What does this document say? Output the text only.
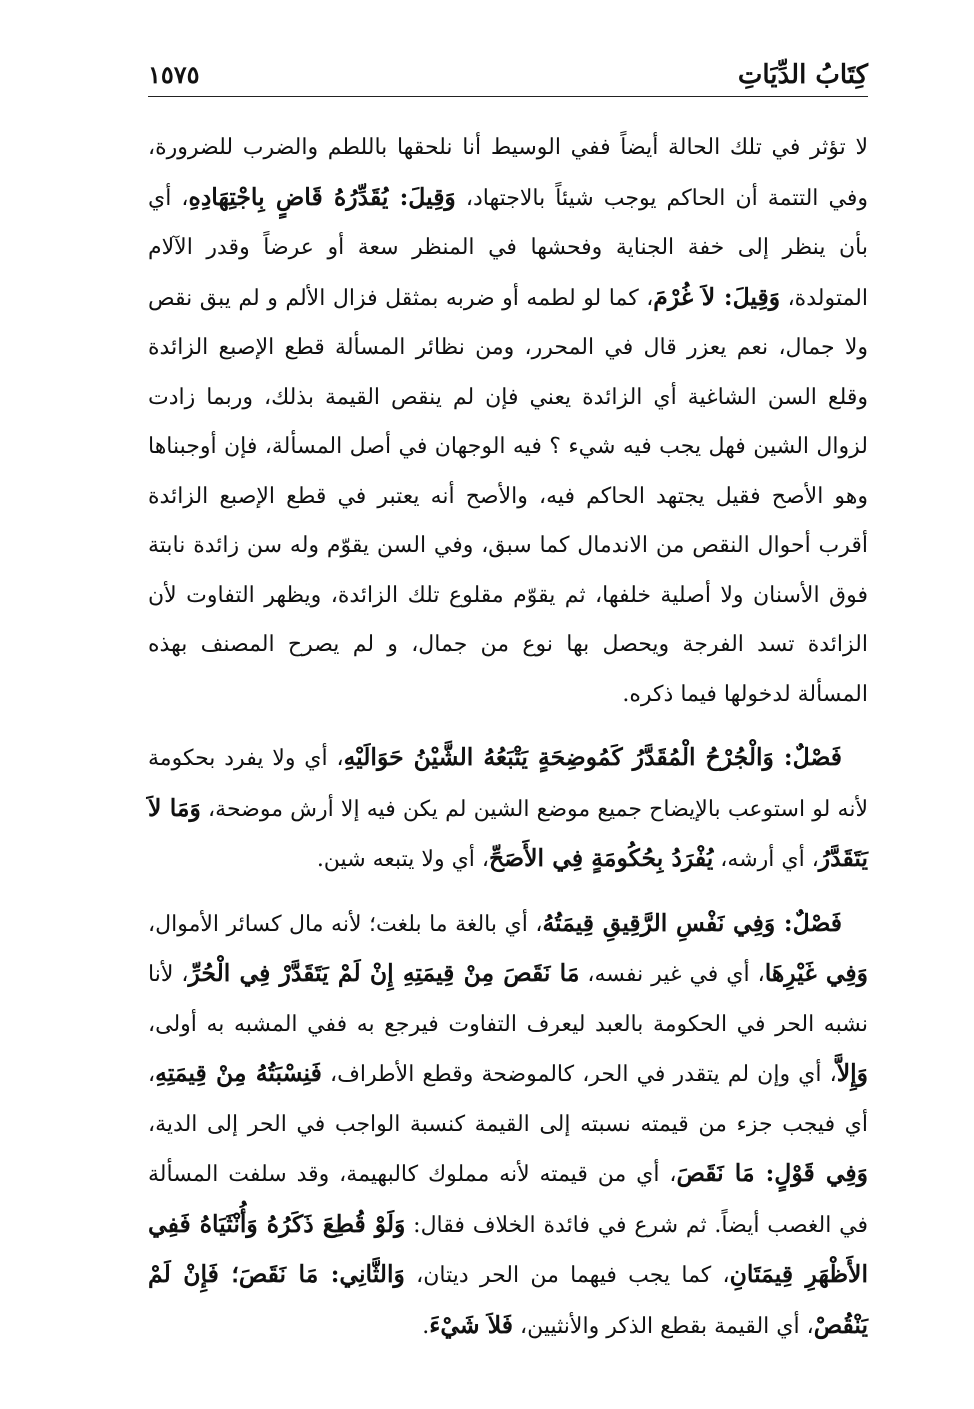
كِتَابُ الدِّيَاتِ
١٥٧٥

لا تؤثر في تلك الحالة أيضاً ففي الوسيط أنا نلحقها باللطم والضرب للضرورة، وفي التتمة أن الحاكم يوجب شيئاً بالاجتهاد، وَقِيلَ: يُقَدِّرُهُ قَاضٍ بِاجْتِهَادِهِ، أي بأن ينظر إلى خفة الجناية وفحشها في المنظر سعة أو عرضاً وقدر الآلام المتولدة، وَقِيلَ: لاَ غُرْمَ، كما لو لطمه أو ضربه بمثقل فزال الألم و لم يبق نقص ولا جمال، نعم يعزر قال في المحرر، ومن نظائر المسألة قطع الإصبع الزائدة وقلع السن الشاغية أي الزائدة يعني فإن لم ينقص القيمة بذلك، وربما زادت لزوال الشين فهل يجب فيه شيء ؟ فيه الوجهان في أصل المسألة، فإن أوجبناها وهو الأصح فقيل يجتهد الحاكم فيه، والأصح أنه يعتبر في قطع الإصبع الزائدة أقرب أحوال النقص من الاندمال كما سبق، وفي السن يقوّم وله سن زائدة نابتة فوق الأسنان ولا أصلية خلفها، ثم يقوّم مقلوع تلك الزائدة، ويظهر التفاوت لأن الزائدة تسد الفرجة ويحصل بها نوع من جمال، و لم يصرح المصنف بهذه المسألة لدخولها فيما ذكره.

فَصْلٌ: وَالْجُرْحُ الْمُقَدَّرُ كَمُوضِحَةٍ يَتْبَعُهُ الشَّيْنُ حَوَالَيْهِ، أي ولا يفرد بحكومة لأنه لو استوعب بالإيضاح جميع موضع الشين لم يكن فيه إلا أرش موضحة، وَمَا لاَ يَتَقَدَّرُ، أي أرشه، يُفْرَدُ بِحُكُومَةٍ فِي الأَصَحِّ، أي ولا يتبعه شين.

فَصْلٌ: وَفِي نَفْسِ الرَّقِيقِ قِيمَتُهُ، أي بالغة ما بلغت؛ لأنه مال كسائر الأموال، وَفِي غَيْرِهَا، أي في غير نفسه، مَا نَقَصَ مِنْ قِيمَتِهِ إِنْ لَمْ يَتَقَدَّرْ فِي الْحُرِّ، لأنا نشبه الحر في الحكومة بالعبد ليعرف التفاوت فيرجع به ففي المشبه به أولى، وَإِلاَّ، أي وإن لم يتقدر في الحر، كالموضحة وقطع الأطراف، فَنِسْبَتُهُ مِنْ قِيمَتِهِ، أي فيجب جزء من قيمته نسبته إلى القيمة كنسبة الواجب في الحر إلى الدية، وَفِي قَوْلٍ: مَا نَقَصَ، أي من قيمته لأنه مملوك كالبهيمة، وقد سلفت المسألة في الغصب أيضاً. ثم شرع في فائدة الخلاف فقال: وَلَوْ قُطِعَ ذَكَرُهُ وَأُنْثَيَاهُ فَفِي الأَظْهَرِ قِيمَتَانِ، كما يجب فيهما من الحر ديتان، وَالثَّانِي: مَا نَقَصَ؛ فَإِنْ لَمْ يَنْقُصْ، أي القيمة بقطع الذكر والأنثيين، فَلاَ شَيْءَ.
